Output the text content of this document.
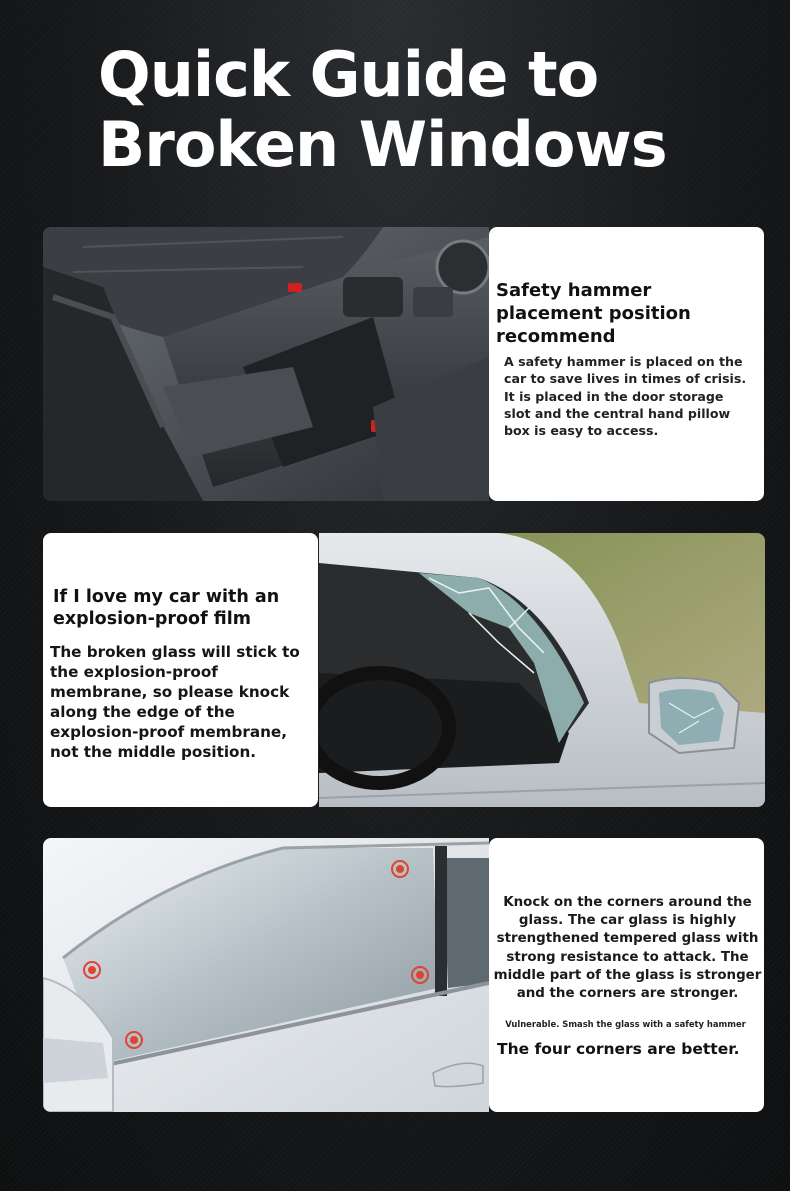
Quick Guide to
Broken Windows
Safety hammer placement position recommend
A safety hammer is placed on the car to save lives in times of crisis. It is placed in the door storage slot and the central hand pillow box is easy to access.
If I love my car with an explosion-proof film
The broken glass will stick to the explosion-proof membrane, so please knock along the edge of the explosion-proof membrane, not the middle position.
Knock on the corners around the glass. The car glass is highly strengthened tempered glass with strong resistance to attack. The middle part of the glass is stronger and the corners are stronger.
Vulnerable. Smash the glass with a safety hammer
The four corners are better.
